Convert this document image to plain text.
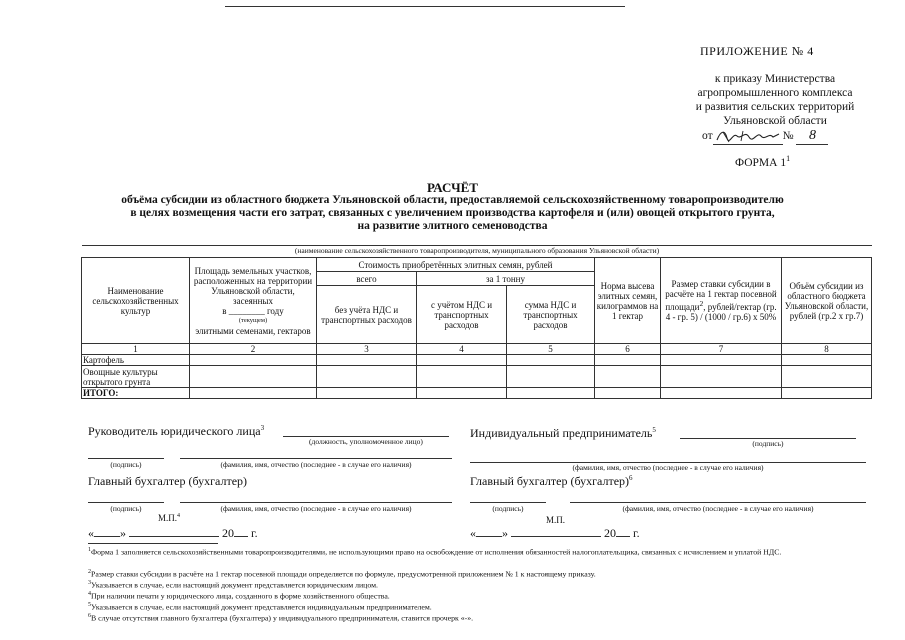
ПРИЛОЖЕНИЕ № 4
к приказу Министерства
агропромышленного комплекса
и развития сельских территорий
Ульяновской области
от	№ 8
ФОРМА $1^1$
РАСЧЁТ
объёма субсидии из областного бюджета Ульяновской области, предоставляемой сельскохозяйственному товаропроизводителю
в целях возмещения части его затрат, связанных с увеличением производства картофеля и (или) овощей открытого грунта,
на развитие элитного семеноводства
(наименование сельскохозяйственного товаропроизводителя, муниципального образования Ульяновской области)
Наименование сельскохозяйственных культур	Площадь земельных участков, расположенных на территории Ульяновской области, засеянных
в ________ году
(текущем)
элитными семенами, гектаров	Стоимость приобретённых элитных семян, рублей			Норма высева элитных семян, килограммов на 1 гектар	Размер ставки субсидии в расчёте на 1 гектар посевной площади$^2$, рублей/гектар (гр. 4 - гр. 5) / (1000 / гр.6) x 50%	Объём субсидии из областного бюджета Ульяновской области, рублей (гр.2 x гр.7)
		всего	за 1 тонну				
		без учёта НДС и транспортных расходов	с учётом НДС и транспортных расходов	сумма НДС и транспортных расходов			
1	2	3	4	5	6	7	8
Картофель							
Овощные культуры открытого грунта							
ИТОГО:							
Руководитель юридического лица$^3$
(должность, уполномоченное лицо)
(подпись)	(фамилия, имя, отчество (последнее - в случае его наличия)
Главный бухгалтер (бухгалтер)
(подпись)	(фамилия, имя, отчество (последнее - в случае его наличия)
М.П.$^4$
« »	20 г.
Индивидуальный предприниматель$^5$
(подпись)
(фамилия, имя, отчество (последнее - в случае его наличия)
Главный бухгалтер (бухгалтер)$^6$
(подпись)	(фамилия, имя, отчество (последнее - в случае его наличия)
М.П.
« »	20 г.
$^1$Форма 1 заполняется сельскохозяйственными товаропроизводителями, не использующими право на освобождение от исполнения обязанностей налогоплательщика, связанных с исчислением и уплатой НДС.
$^2$Размер ставки субсидии в расчёте на 1 гектар посевной площади определяется по формуле, предусмотренной приложением № 1 к настоящему приказу.
$^3$Указывается в случае, если настоящий документ представляется юридическим лицом.
$^4$При наличии печати у юридического лица, созданного в форме хозяйственного общества.
$^5$Указывается в случае, если настоящий документ представляется индивидуальным предпринимателем.
$^6$В случае отсутствия главного бухгалтера (бухгалтера) у индивидуального предпринимателя, ставится прочерк «-».
